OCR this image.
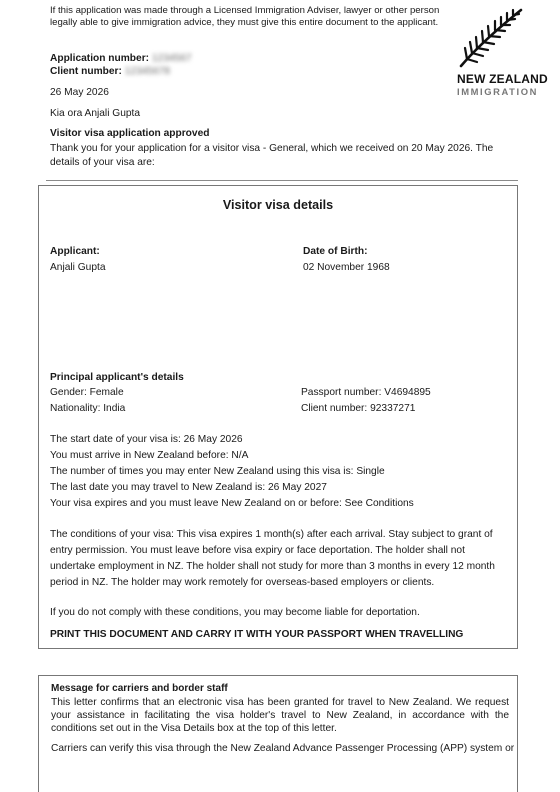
If this application was made through a Licensed Immigration Adviser, lawyer or other person legally able to give immigration advice, they must give this entire document to the applicant.
NEW ZEALAND
IMMIGRATION
Application number: 1234567
Client number: 12345678
26 May 2026
Kia ora Anjali Gupta
Visitor visa application approved
Thank you for your application for a visitor visa - General, which we received on 20 May 2026. The details of your visa are:
Visitor visa details
Applicant:
Anjali Gupta
Date of Birth:
02 November 1968
Principal applicant's details
Gender: Female
Nationality: India
Passport number: V4694895
Client number: 92337271
The start date of your visa is: 26 May 2026
You must arrive in New Zealand before: N/A
The number of times you may enter New Zealand using this visa is: Single
The last date you may travel to New Zealand is: 26 May 2027
Your visa expires and you must leave New Zealand on or before: See Conditions
The conditions of your visa: This visa expires 1 month(s) after each arrival. Stay subject to grant of
entry permission. You must leave before visa expiry or face deportation. The holder shall not
undertake employment in NZ. The holder shall not study for more than 3 months in every 12 month
period in NZ. The holder may work remotely for overseas-based employers or clients.
If you do not comply with these conditions, you may become liable for deportation.
PRINT THIS DOCUMENT AND CARRY IT WITH YOUR PASSPORT WHEN TRAVELLING
Message for carriers and border staff
This letter confirms that an electronic visa has been granted for travel to New Zealand. We request your assistance in facilitating the visa holder's travel to New Zealand, in accordance with the conditions set out in the Visa Details box at the top of this letter.
Carriers can verify this visa through the New Zealand Advance Passenger Processing (APP) system or
